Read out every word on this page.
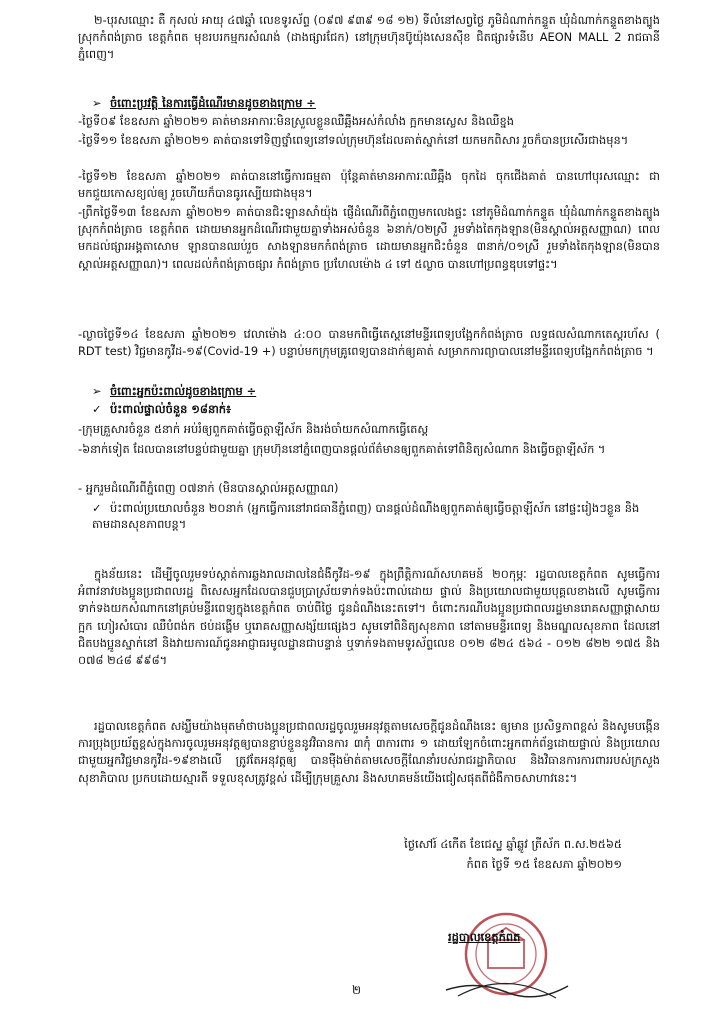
២-បុរសឈ្មោះ តឺ កុសល់ អាយុ ៤៧ឆ្នាំ លេខទូរស័ព្ទ (០៩៧ ៩៣៩ ១៨ ១២) ទីលំនៅសព្វថ្ងៃ ភូមិដំណាក់កន្ទួត ឃុំដំណាក់កន្ទួតខាងត្បូង ស្រុកកំពង់ត្រាច ខេត្តកំពត មុខរបរកម្មករសំណង់ (ដាងផ្សារជែក) នៅក្រុមហ៊ុនប៊ូយ៉ុងសេនស៊ីខ ជិតផ្សារទំនើប AEON MALL 2 រាជធានីភ្នំពេញ។
➢ ចំពោះប្រវត្តិ នៃការធ្វើដំណើរមានដូចខាងក្រោម ÷
-ថ្ងៃទី០៩ ខែឧសភា ឆ្នាំ២០២១ គាត់មានអាការៈមិនស្រួលខ្លួនឈឺឆ្អឹងអស់កំលាំង ក្អកមានស្លេស និងឈឺខ្នង
-ថ្ងៃទី១១ ខែឧសភា ឆ្នាំ២០២១ គាត់បានទៅទិញថ្នាំពេទ្យនៅទល់ក្រុមហ៊ុនដែលគាត់ស្នាក់នៅ យកមកពិសារ រួចក៏បានប្រសើរជាងមុន។
-ថ្ងៃទី១២ ខែឧសភា ឆ្នាំ២០២១ គាត់បាននៅធ្វើការធម្មតា ប៉ុន្តែគាត់មានអាការៈឈឺឆ្អឹង ចុកដៃ ចុកជើងគាត់ បានហៅបុរសឈ្មោះ ជា មកជួយកោសខ្យល់ឲ្យ រួចហើយក៏បានធូរស្បើយជាងមុន។
-ព្រឹកថ្ងៃទី១៣ ខែឧសភា ឆ្នាំ២០២១ គាត់បានជិះឡានសាំយ៉ុង ផ្ញើដំណើរពីភ្នំពេញមកលេងផ្ទះ នៅភូមិដំណាក់កន្ទួត ឃុំដំណាក់កន្ទួតខាងត្បូង ស្រុកកំពង់ត្រាច ខេត្តកំពត ដោយមានអ្នកដំណើរជាមួយគ្នាទាំងអស់ចំនួន ៦នាក់/០២ស្រី រួមទាំងតៃកុងឡាន(មិនស្គាល់អត្តសញ្ញាណ) ពេលមកដល់ផ្សារអង្គតាសោម ឡានបានឈប់រួច សាងឡានមកកំពង់ត្រាច ដោយមានអ្នកជិះចំនួន ៣នាក់/០១ស្រី រួមទាំងតៃកុងឡាន(មិនបានស្គាល់អត្តសញ្ញាណ)។ ពេលដល់កំពង់ត្រាចផ្សារ កំពង់ត្រាច ប្រហែលម៉ោង ៤ ទៅ ៥ល្ងាច បានហៅប្រពន្ធឌុបទៅផ្ទះ។
-ល្ងាចថ្ងៃទី១៤ ខែឧសភា ឆ្នាំ២០២១ វេលាម៉ោង ៤:០០ បានមកពិធ្វើតេស្តនៅមន្ទីរពេទ្យបង្អែកកំពង់ត្រាច លទ្ធផលសំណាកតេស្តរហ័ស ( RDT test) វិជ្ជមានកូវីដ-១៩(Covid-19 +) បន្ទាប់មកក្រុមគ្រូពេទ្យបានដាក់ឲ្យគាត់ សម្រាកការព្យាបាលនៅមន្ទីរពេទ្យបង្អែកកំពង់ត្រាច ។
➢ ចំពោះអ្នកប៉ះពាល់ដូចខាងក្រោម ÷
✓ ប៉ះពាល់ផ្ទាល់ចំនួន ១៨នាក់៖
-ក្រុមគ្រួសារចំនួន ៥នាក់ អប់រំឲ្យពួកគាត់ធ្វើចត្តាឡីស័ក និងរង់ចាំយកសំណាកធ្វើតេស្ត
-៦នាក់ទៀត ដែលបាននៅបន្ទប់ជាមួយគ្នា ក្រុមហ៊ុននៅភ្នំពេញបានផ្ដល់ព័ត៌មានឲ្យពួកគាត់ទៅពិនិត្យសំណាក និងធ្វើចត្តាឡីស័ក ។
- អ្នករួមដំណើរពីភ្នំពេញ ០៧នាក់ (មិនបានស្គាល់អត្តសញ្ញាណ)
✓ ប៉ះពាល់ប្រយោលចំនួន ២០នាក់ (អ្នកធ្វើការនៅរាជធានីភ្នំពេញ) បានផ្ដល់ដំណឹងឲ្យពួកគាត់ឲ្យធ្វើចត្តាឡីស័ក នៅផ្ទះរៀងៗខ្លួន និងតាមដានសុខភាពបន្ត។
ក្នុងន័យនេះ ដើម្បីចូលរួមទប់ស្កាត់ការឆ្លងរាលដាលនៃជំងឺកូវីដ-១៩ ក្នុងព្រឹត្តិការណ៍សហគមន៍ ២០កុម្ភៈ រដ្ឋបាលខេត្តកំពត សូមធ្វើការអំពាវនាវបងប្អូនប្រជាពលរដ្ឋ ពិសេសអ្នកដែលបានជួបប្រាស្រ័យទាក់ទងប៉ះពាល់ដោយ ផ្ទាល់ និងប្រយោលជាមួយបុគ្គលខាងលើ សូមធ្វើការទាក់ទងយកសំណាកនៅគ្រប់មន្ទីរពេទ្យក្នុងខេត្តកំពត ចាប់ពីថ្ងៃ ជូនដំណឹងនេះតទៅ។ ចំពោះករណីបងប្អូនប្រជាពលរដ្ឋមានរោគសញ្ញាផ្ដាសាយ ក្អក ហៀរសំបោរ ឈឺបំពង់ក ថប់ដង្ហើម ឬរោគសញ្ញាសង្ស័យផ្សេងៗ សូមទៅពិនិត្យសុខភាព នៅតាមមន្ទីរពេទ្យ និងមណ្ឌលសុខភាព ដែលនៅជិតបងប្អូនស្នាក់នៅ និងវាយការណ៍ជូនអាជ្ញាធរមូលដ្ឋានជាបន្ទាន់ ឬទាក់ទងតាមទូរស័ព្ទលេខ ០១២ ៨២៤ ៥៦៤ - ០១២ ៨២២ ១៧៥ និង ០៧៨ ២៤៨ ៩៩៨។
រដ្ឋបាលខេត្តកំពត សង្ឃឹមយ៉ាងមុតមាំថាបងប្អូនប្រជាពលរដ្ឋចូលរួមអនុវត្តតាមសេចក្ដីជូនដំណឹងនេះ ឲ្យមាន ប្រសិទ្ធភាពខ្ពស់ និងសូមបង្កើនការប្រុងប្រយ័ត្នខ្ពស់ក្នុងការចូលរួមអនុវត្តឲ្យបានខ្ជាប់ខ្ជួននូវវិធានការ ៣កុំ ៣ការពារ ១ ដោយឡែកចំពោះអ្នកពាក់ព័ន្ធដោយផ្ទាល់ និងប្រយោលជាមួយអ្នកវិជ្ជមានកូវីដ-១៩ខាងលើ ត្រូវតែអនុវត្តឲ្យ បានម៉ឺងម៉ាត់តាមសេចក្ដីណែនាំរបស់រាជរដ្ឋាភិបាល និងវិធានការការពាររបស់ក្រសួងសុខាភិបាល ប្រកបដោយស្មារតី ទទួលខុសត្រូវខ្ពស់ ដើម្បីក្រុមគ្រួសារ និងសហគមន៍យើងជៀសផុតពីជំងឺកាចសាហាវនេះ។
ថ្ងៃសៅរ៍ ៤កើត ខែជេស្ឋ ឆ្នាំឆ្លូវ ត្រីស័ក ព.ស.២៥៦៥
កំពត ថ្ងៃទី ១៥ ខែឧសភា ឆ្នាំ២០២១
រដ្ឋបាលខេត្តកំពត
២
